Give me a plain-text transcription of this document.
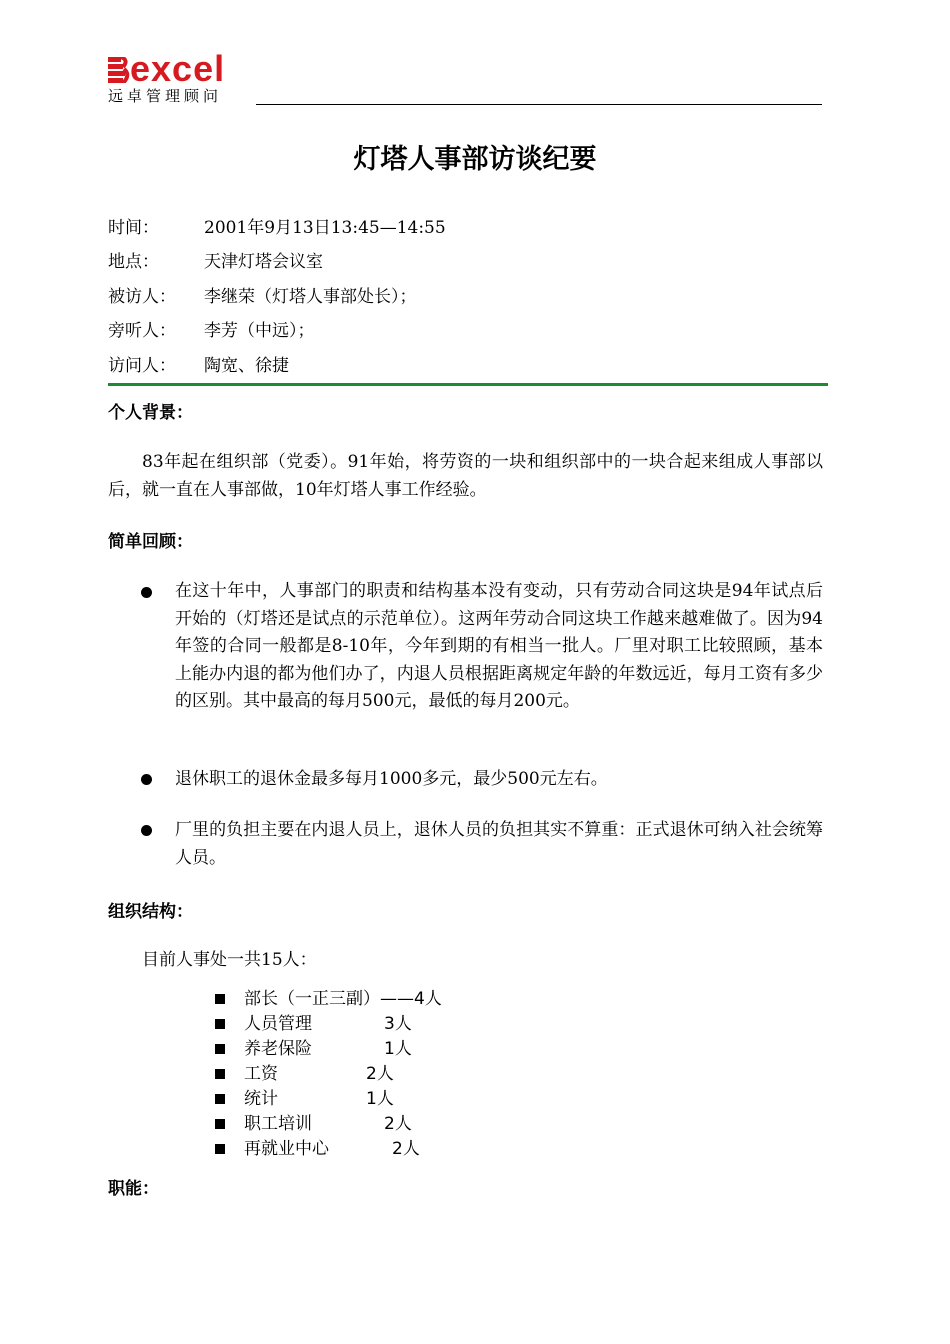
excel
远卓管理顾问
灯塔人事部访谈纪要
时间：	2001年9月13日13:45—14:55
地点：	天津灯塔会议室
被访人： 李继荣（灯塔人事部处长）；
旁听人： 李芳（中远）；
访问人： 陶宽、徐捷
个人背景：
83年起在组织部（党委）。91年始，将劳资的一块和组织部中的一块合起来组成人事部以后，就一直在人事部做，10年灯塔人事工作经验。
简单回顾：
在这十年中，人事部门的职责和结构基本没有变动，只有劳动合同这块是94年试点后开始的（灯塔还是试点的示范单位）。这两年劳动合同这块工作越来越难做了。因为94年签的合同一般都是8-10年，今年到期的有相当一批人。厂里对职工比较照顾，基本上能办内退的都为他们办了，内退人员根据距离规定年龄的年数远近，每月工资有多少的区别。其中最高的每月500元，最低的每月200元。
退休职工的退休金最多每月1000多元，最少500元左右。
厂里的负担主要在内退人员上，退休人员的负担其实不算重：正式退休可纳入社会统筹人员。
组织结构：
目前人事处一共15人：
部长（一正三副）——4人
人员管理	3人
养老保险	1人
工资	2人
统计	1人
职工培训	2人
再就业中心	2人
职能：
